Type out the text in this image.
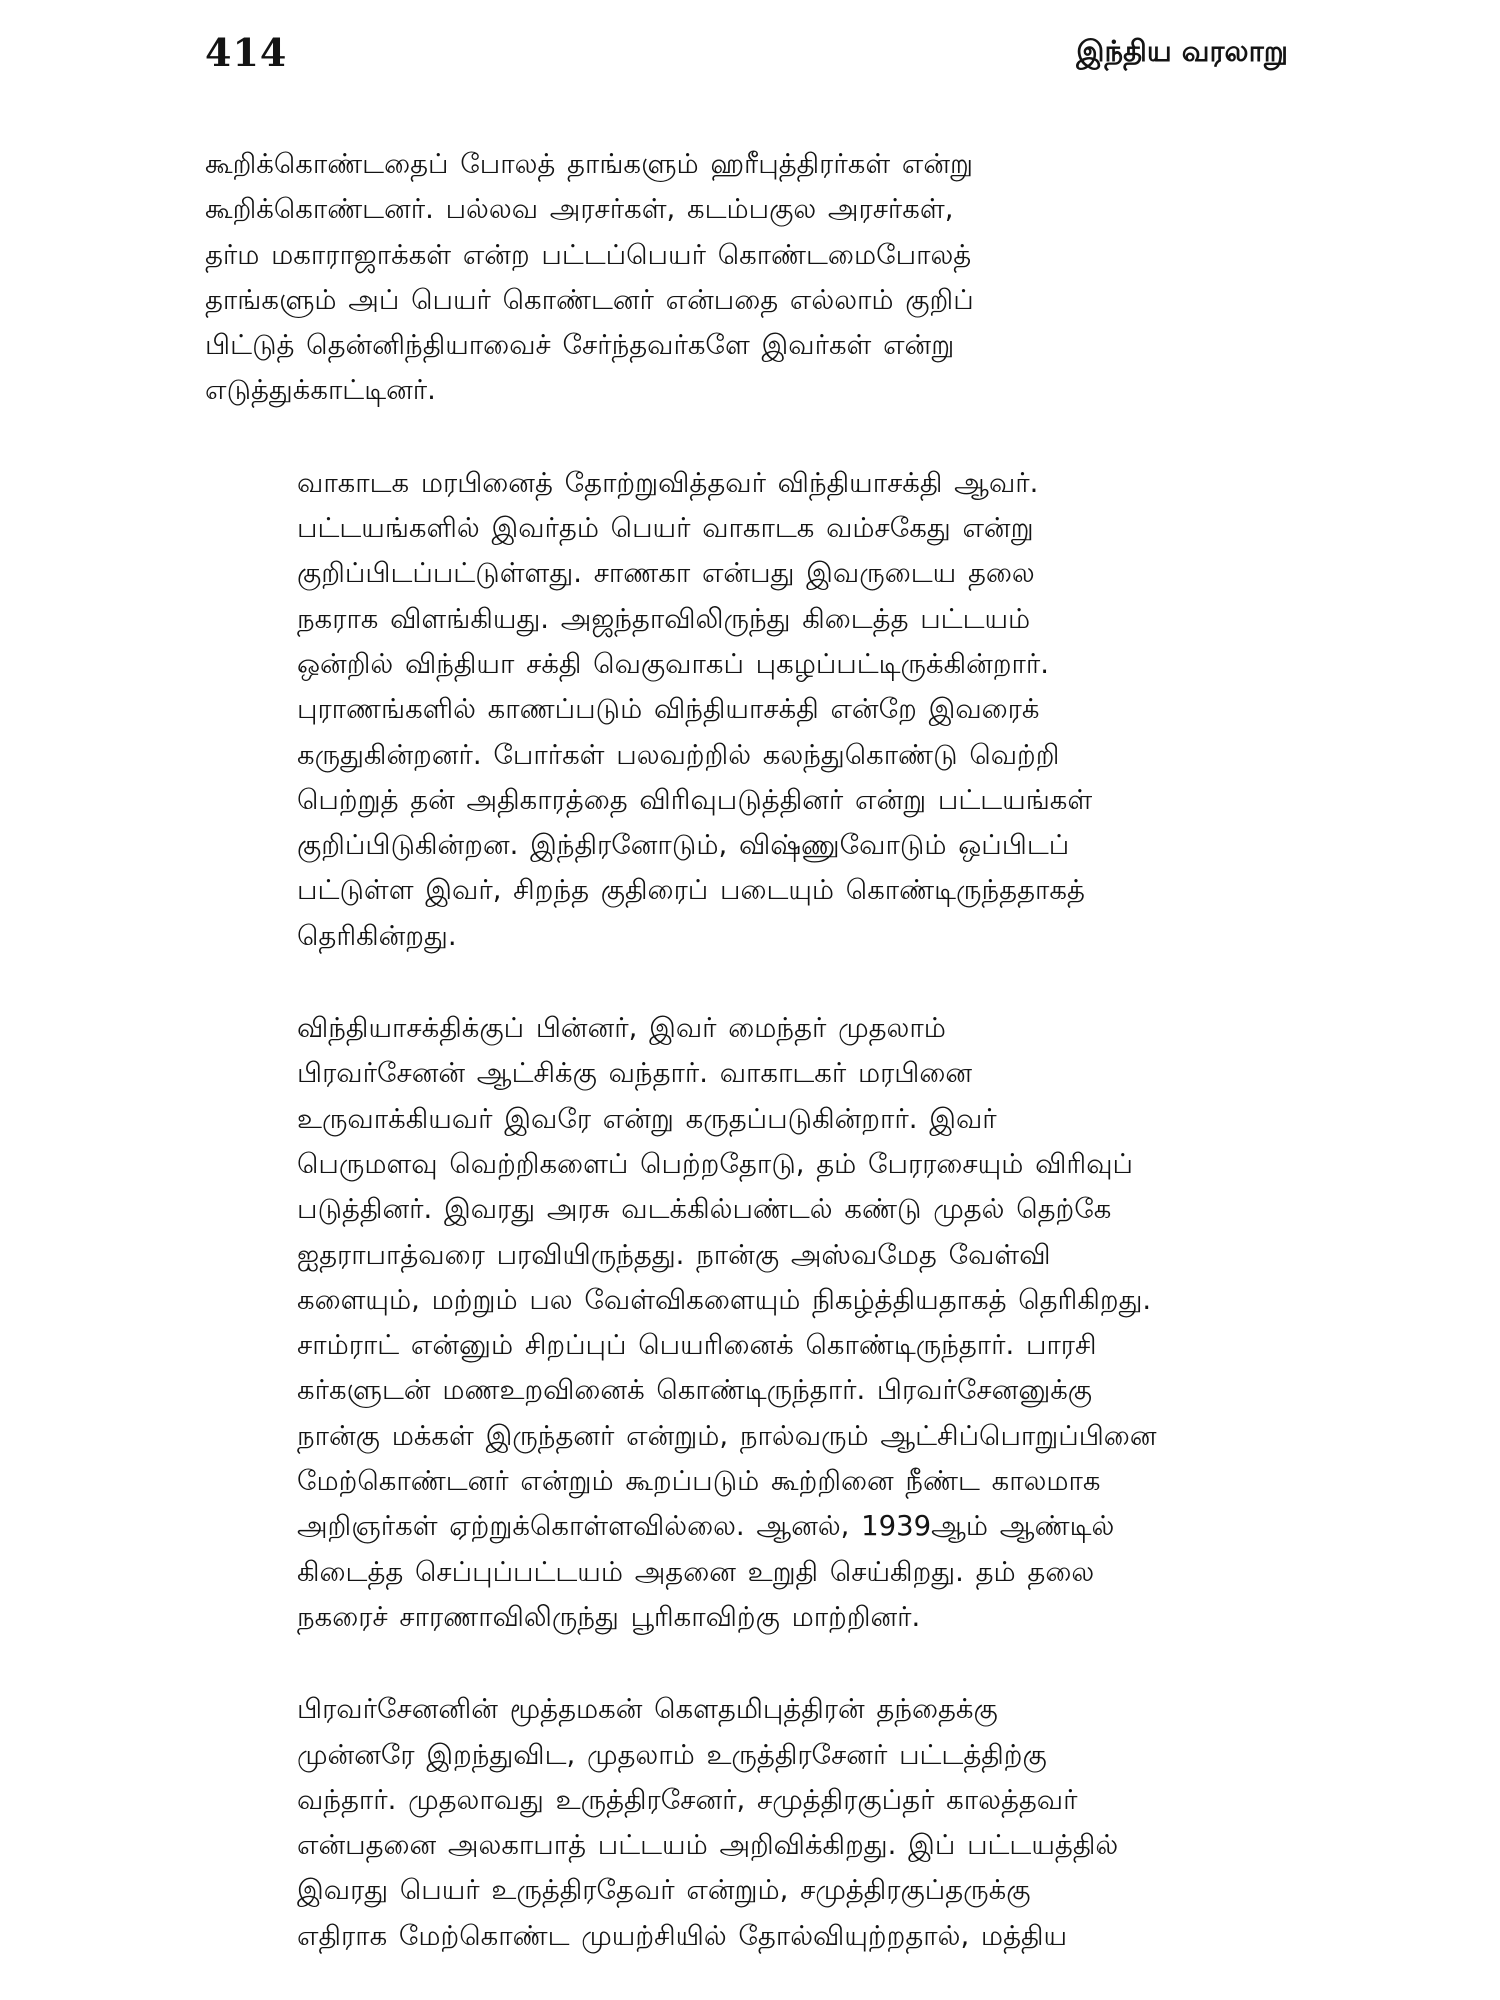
414	இந்திய வரலாறு

கூறிக்கொண்டதைப் போலத் தாங்களும் ஹரீபுத்திரர்கள் என்று
கூறிக்கொண்டனர். பல்லவ அரசர்கள், கடம்பகுல அரசர்கள்,
தர்ம மகாராஜாக்கள் என்ற பட்டப்பெயர் கொண்டமைபோலத்
தாங்களும் அப் பெயர் கொண்டனர் என்பதை எல்லாம் குறிப்
பிட்டுத் தென்னிந்தியாவைச் சேர்ந்தவர்களே இவர்கள் என்று
எடுத்துக்காட்டினர்.

வாகாடக மரபினைத் தோற்றுவித்தவர் விந்தியாசக்தி ஆவர்.
பட்டயங்களில் இவர்தம் பெயர் வாகாடக வம்சகேது என்று
குறிப்பிடப்பட்டுள்ளது. சாணகா என்பது இவருடைய தலை
நகராக விளங்கியது. அஜந்தாவிலிருந்து கிடைத்த பட்டயம்
ஒன்றில் விந்தியா சக்தி வெகுவாகப் புகழப்பட்டிருக்கின்றார்.
புராணங்களில் காணப்படும் விந்தியாசக்தி என்றே இவரைக்
கருதுகின்றனர். போர்கள் பலவற்றில் கலந்துகொண்டு வெற்றி
பெற்றுத் தன் அதிகாரத்தை விரிவுபடுத்தினர் என்று பட்டயங்கள்
குறிப்பிடுகின்றன. இந்திரனோடும், விஷ்ணுவோடும் ஒப்பிடப்
பட்டுள்ள இவர், சிறந்த குதிரைப் படையும் கொண்டிருந்ததாகத்
தெரிகின்றது.

விந்தியாசக்திக்குப் பின்னர், இவர் மைந்தர் முதலாம்
பிரவர்சேனன் ஆட்சிக்கு வந்தார். வாகாடகர் மரபினை
உருவாக்கியவர் இவரே என்று கருதப்படுகின்றார். இவர்
பெருமளவு வெற்றிகளைப் பெற்றதோடு, தம் பேரரசையும் விரிவுப்
படுத்தினர். இவரது அரசு வடக்கில்பண்டல் கண்டு முதல் தெற்கே
ஐதராபாத்வரை பரவியிருந்தது. நான்கு அஸ்வமேத வேள்வி
களையும், மற்றும் பல வேள்விகளையும் நிகழ்த்தியதாகத் தெரிகிறது.
சாம்ராட் என்னும் சிறப்புப் பெயரினைக் கொண்டிருந்தார். பாரசி
கர்களுடன் மணஉறவினைக் கொண்டிருந்தார். பிரவர்சேனனுக்கு
நான்கு மக்கள் இருந்தனர் என்றும், நால்வரும் ஆட்சிப்பொறுப்பினை
மேற்கொண்டனர் என்றும் கூறப்படும் கூற்றினை நீண்ட காலமாக
அறிஞர்கள் ஏற்றுக்கொள்ளவில்லை. ஆனல், 1939ஆம் ஆண்டில்
கிடைத்த செப்புப்பட்டயம் அதனை உறுதி செய்கிறது. தம் தலை
நகரைச் சாரணாவிலிருந்து பூரிகாவிற்கு மாற்றினர்.

பிரவர்சேனனின் மூத்தமகன் கௌதமிபுத்திரன் தந்தைக்கு
முன்னரே இறந்துவிட, முதலாம் உருத்திரசேனர் பட்டத்திற்கு
வந்தார். முதலாவது உருத்திரசேனர், சமுத்திரகுப்தர் காலத்தவர்
என்பதனை அலகாபாத் பட்டயம் அறிவிக்கிறது. இப் பட்டயத்தில்
இவரது பெயர் உருத்திரதேவர் என்றும், சமுத்திரகுப்தருக்கு
எதிராக மேற்கொண்ட முயற்சியில் தோல்வியுற்றதால், மத்திய
